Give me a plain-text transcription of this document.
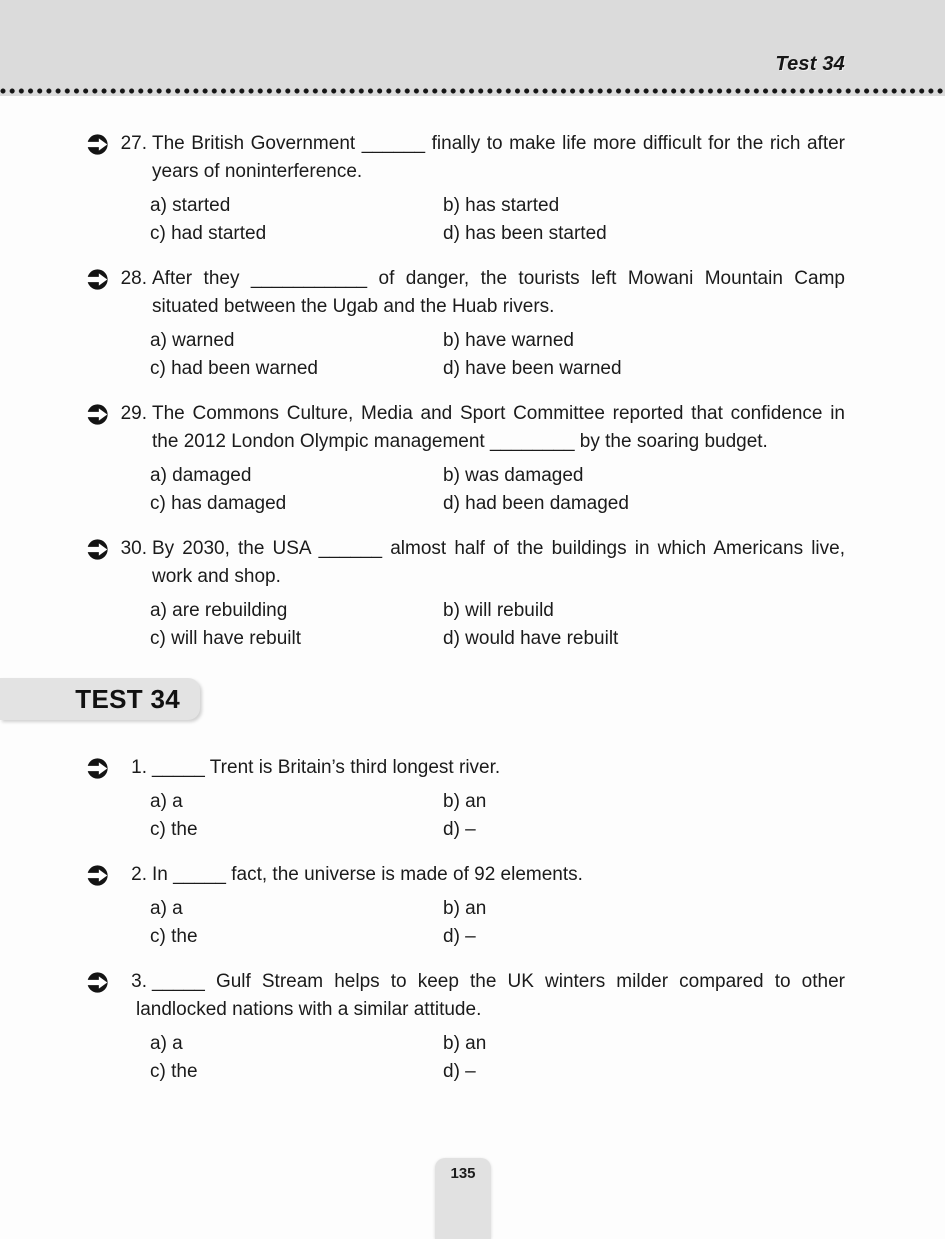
Test 34
27. The British Government ______ finally to make life more difficult for the rich after years of noninterference.

a) started	b) has started
c) had started	d) has been started
28. After they ___________ of danger, the tourists left Mowani Mountain Camp situated between the Ugab and the Huab rivers.

a) warned	b) have warned
c) had been warned	d) have been warned
29. The Commons Culture, Media and Sport Committee reported that confidence in the 2012 London Olympic management ________ by the soaring budget.

a) damaged	b) was damaged
c) has damaged	d) had been damaged
30. By 2030, the USA ______ almost half of the buildings in which Americans live, work and shop.

a) are rebuilding	b) will rebuild
c) will have rebuilt	d) would have rebuilt
TEST 34
1. _____ Trent is Britain’s third longest river.

a) a	b) an
c) the	d) –
2. In _____ fact, the universe is made of 92 elements.

a) a	b) an
c) the	d) –
3. _____ Gulf Stream helps to keep the UK winters milder compared to other landlocked nations with a similar attitude.

a) a	b) an
c) the	d) –
135
